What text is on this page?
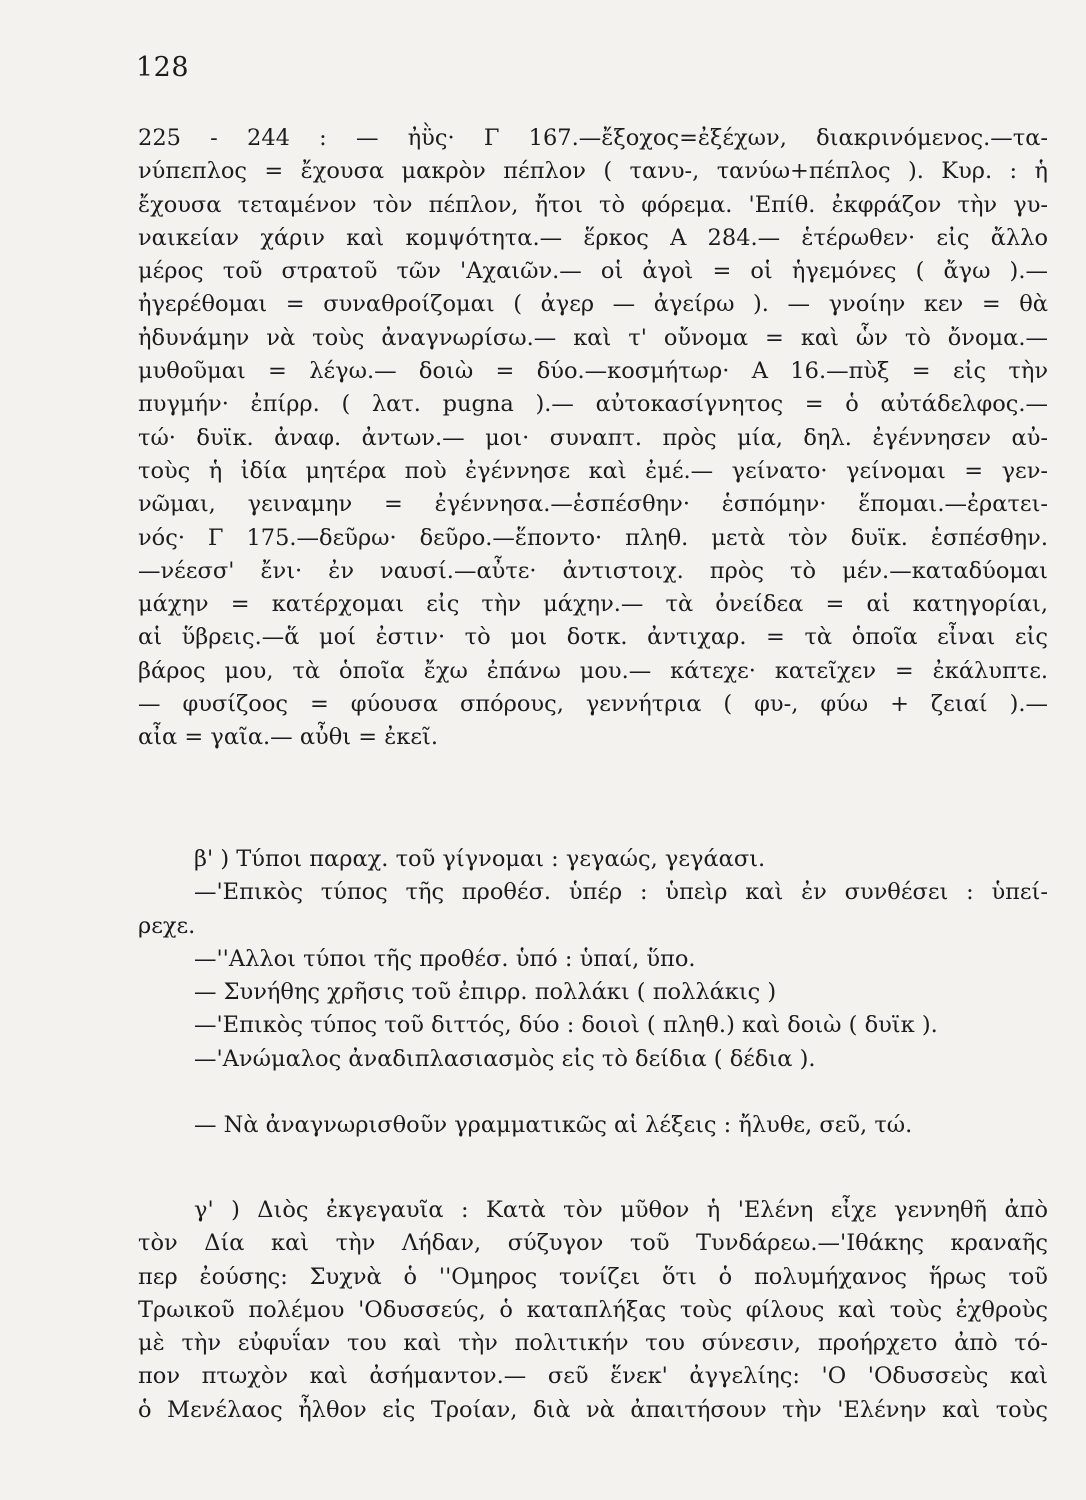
128
225 - 244 : — ἠῢς· Γ 167.—ἔξοχος=ἐξέχων, διακρινόμενος.—τα-
νύπεπλος = ἔχουσα μακρὸν πέπλον ( τανυ-, τανύω+πέπλος ). Κυρ. : ἡ
ἔχουσα τεταμένον τὸν πέπλον, ἤτοι τὸ φόρεμα. 'Επίθ. ἐκφράζον τὴν γυ-
ναικείαν χάριν καὶ κομψότητα.— ἕρκος Α 284.— ἑτέρωθεν· εἰς ἄλλο
μέρος τοῦ στρατοῦ τῶν 'Αχαιῶν.— οἱ ἀγοὶ = οἱ ἡγεμόνες ( ἄγω ).—
ἠγερέθομαι = συναθροίζομαι ( ἀγερ — ἀγείρω ). — γνοίην κεν = θὰ
ἠδυνάμην νὰ τοὺς ἀναγνωρίσω.— καὶ τ' οὔνομα = καὶ ὧν τὸ ὄνομα.—
μυθοῦμαι = λέγω.— δοιὼ = δύο.—κοσμήτωρ· Α 16.—πὺξ = εἰς τὴν
πυγμήν· ἐπίρρ. ( λατ. pugna ).— αὐτοκασίγνητος = ὁ αὐτάδελφος.—
τώ· δυϊκ. ἀναφ. ἀντων.— μοι· συναπτ. πρὸς μία, δηλ. ἐγέννησεν αὐ-
τοὺς ἡ ἰδία μητέρα ποὺ ἐγέννησε καὶ ἐμέ.— γείνατο· γείνομαι = γεν-
νῶμαι, γειναμην = ἐγέννησα.—ἑσπέσθην· ἑσπόμην· ἕπομαι.—ἐρατει-
νός· Γ 175.—δεῦρω· δεῦρο.—ἕποντο· πληθ. μετὰ τὸν δυϊκ. ἑσπέσθην.
—νέεσσ' ἔνι· ἐν ναυσί.—αὖτε· ἀντιστοιχ. πρὸς τὸ μέν.—καταδύομαι
μάχην = κατέρχομαι εἰς τὴν μάχην.— τὰ ὀνείδεα = αἱ κατηγορίαι,
αἱ ὕβρεις.—ἅ μοί ἐστιν· τὸ μοι δοτκ. ἀντιχαρ. = τὰ ὁποῖα εἶναι εἰς
βάρος μου, τὰ ὁποῖα ἔχω ἐπάνω μου.— κάτεχε· κατεῖχεν = ἐκάλυπτε.
— φυσίζοος = φύουσα σπόρους, γεννήτρια ( φυ-, φύω + ζειαί ).—
αἶα = γαῖα.— αὖθι = ἐκεῖ.
β' ) Τύποι παραχ. τοῦ γίγνομαι : γεγαώς, γεγάασι.
—'Επικὸς τύπος τῆς προθέσ. ὑπέρ : ὑπεὶρ καὶ ἐν συνθέσει : ὑπεί-
ρεχε.
—''Αλλοι τύποι τῆς προθέσ. ὑπό : ὑπαί, ὕπο.
— Συνήθης χρῆσις τοῦ ἐπιρρ. πολλάκι ( πολλάκις )
—'Επικὸς τύπος τοῦ διττός, δύο : δοιοὶ ( πληθ.) καὶ δοιὼ ( δυϊκ ).
—'Ανώμαλος ἀναδιπλασιασμὸς εἰς τὸ δείδια ( δέδια ).
— Νὰ ἀναγνωρισθοῦν γραμματικῶς αἱ λέξεις : ἤλυθε, σεῦ, τώ.
γ' ) Διὸς ἐκγεγαυῖα : Κατὰ τὸν μῦθον ἡ 'Ελένη εἶχε γεννηθῆ ἀπὸ
τὸν Δία καὶ τὴν Λήδαν, σύζυγον τοῦ Τυνδάρεω.—'Ιθάκης κραναῆς
περ ἐούσης: Συχνὰ ὁ ''Ομηρος τονίζει ὅτι ὁ πολυμήχανος ἥρως τοῦ
Τρωικοῦ πολέμου 'Οδυσσεύς, ὁ καταπλήξας τοὺς φίλους καὶ τοὺς ἐχθροὺς
μὲ τὴν εὐφυΐαν του καὶ τὴν πολιτικήν του σύνεσιν, προήρχετο ἀπὸ τό-
πον πτωχὸν καὶ ἀσήμαντον.— σεῦ ἕνεκ' ἀγγελίης: 'Ο 'Οδυσσεὺς καὶ
ὁ Μενέλαος ἦλθον εἰς Τροίαν, διὰ νὰ ἀπαιτήσουν τὴν 'Ελένην καὶ τοὺς
